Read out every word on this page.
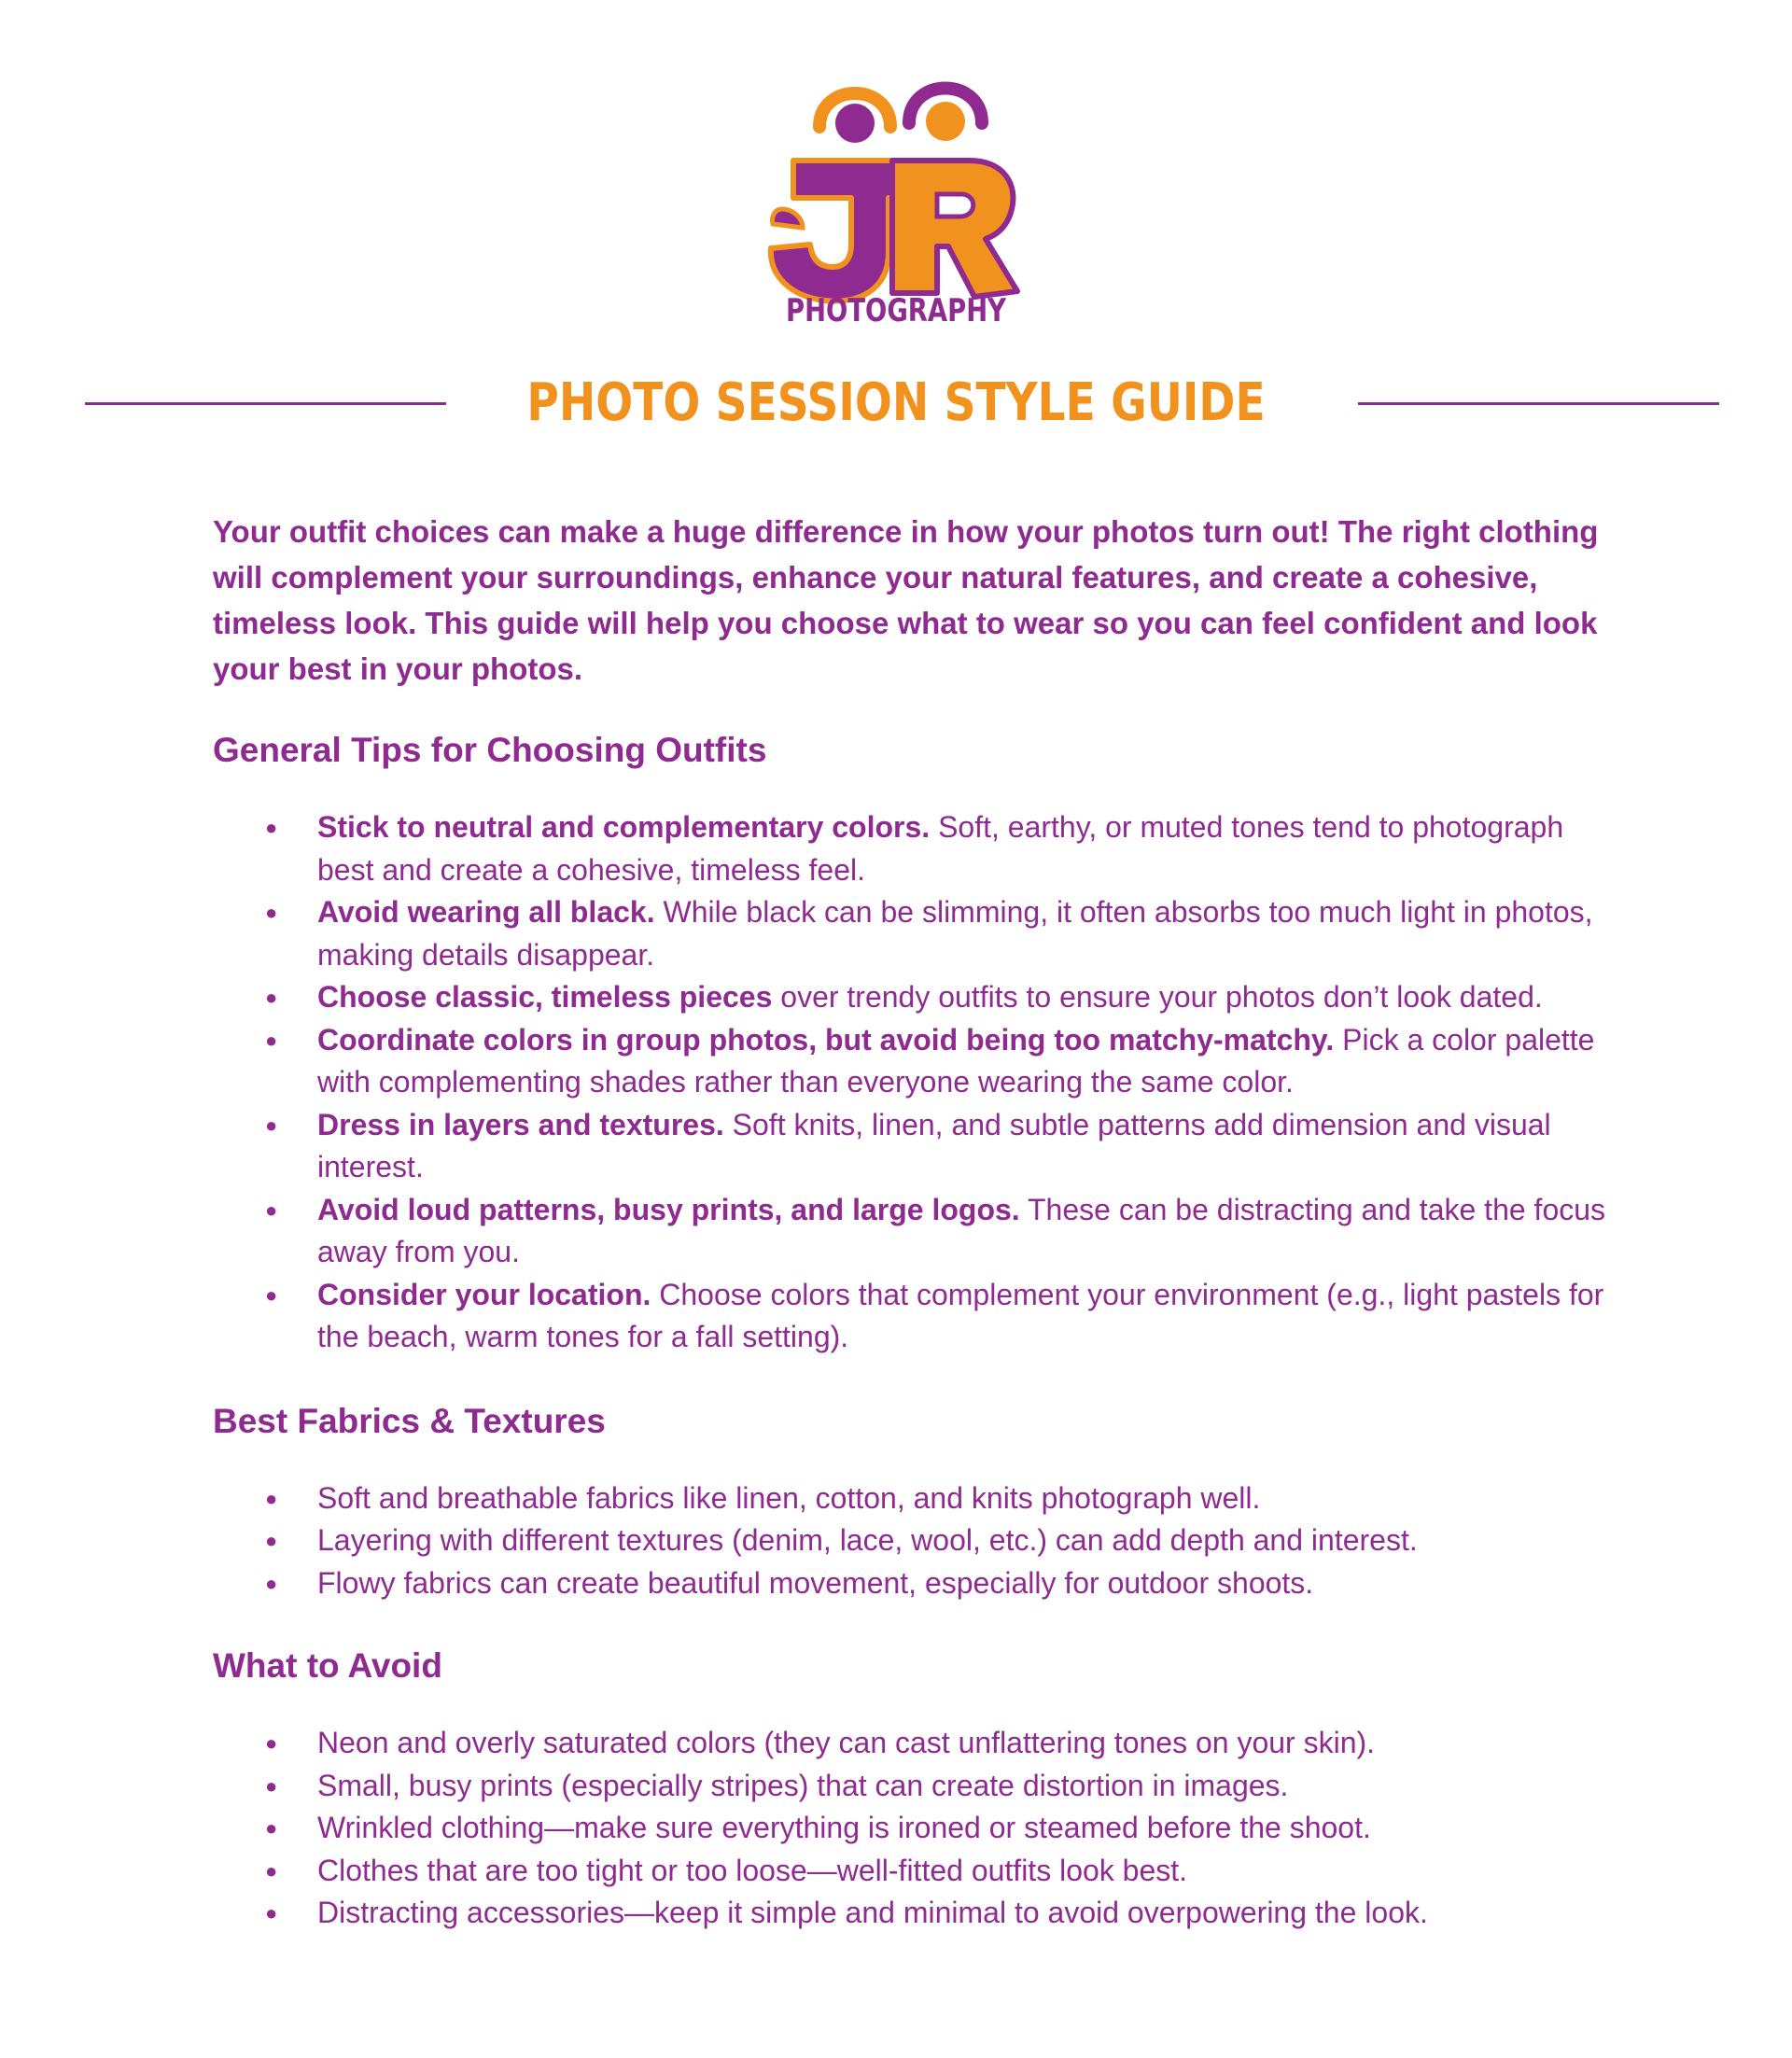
PHOTOGRAPHY
PHOTO SESSION STYLE GUIDE

Your outfit choices can make a huge difference in how your photos turn out! The right clothing will complement your surroundings, enhance your natural features, and create a cohesive, timeless look. This guide will help you choose what to wear so you can feel confident and look your best in your photos.

General Tips for Choosing Outfits
● Stick to neutral and complementary colors. Soft, earthy, or muted tones tend to photograph best and create a cohesive, timeless feel.
● Avoid wearing all black. While black can be slimming, it often absorbs too much light in photos, making details disappear.
● Choose classic, timeless pieces over trendy outfits to ensure your photos don’t look dated.
● Coordinate colors in group photos, but avoid being too matchy-matchy. Pick a color palette with complementing shades rather than everyone wearing the same color.
● Dress in layers and textures. Soft knits, linen, and subtle patterns add dimension and visual interest.
● Avoid loud patterns, busy prints, and large logos. These can be distracting and take the focus away from you.
● Consider your location. Choose colors that complement your environment (e.g., light pastels for the beach, warm tones for a fall setting).
Best Fabrics & Textures
● Soft and breathable fabrics like linen, cotton, and knits photograph well.
● Layering with different textures (denim, lace, wool, etc.) can add depth and interest.
● Flowy fabrics can create beautiful movement, especially for outdoor shoots.
What to Avoid
● Neon and overly saturated colors (they can cast unflattering tones on your skin).
● Small, busy prints (especially stripes) that can create distortion in images.
● Wrinkled clothing—make sure everything is ironed or steamed before the shoot.
● Clothes that are too tight or too loose—well-fitted outfits look best.
● Distracting accessories—keep it simple and minimal to avoid overpowering the look.
